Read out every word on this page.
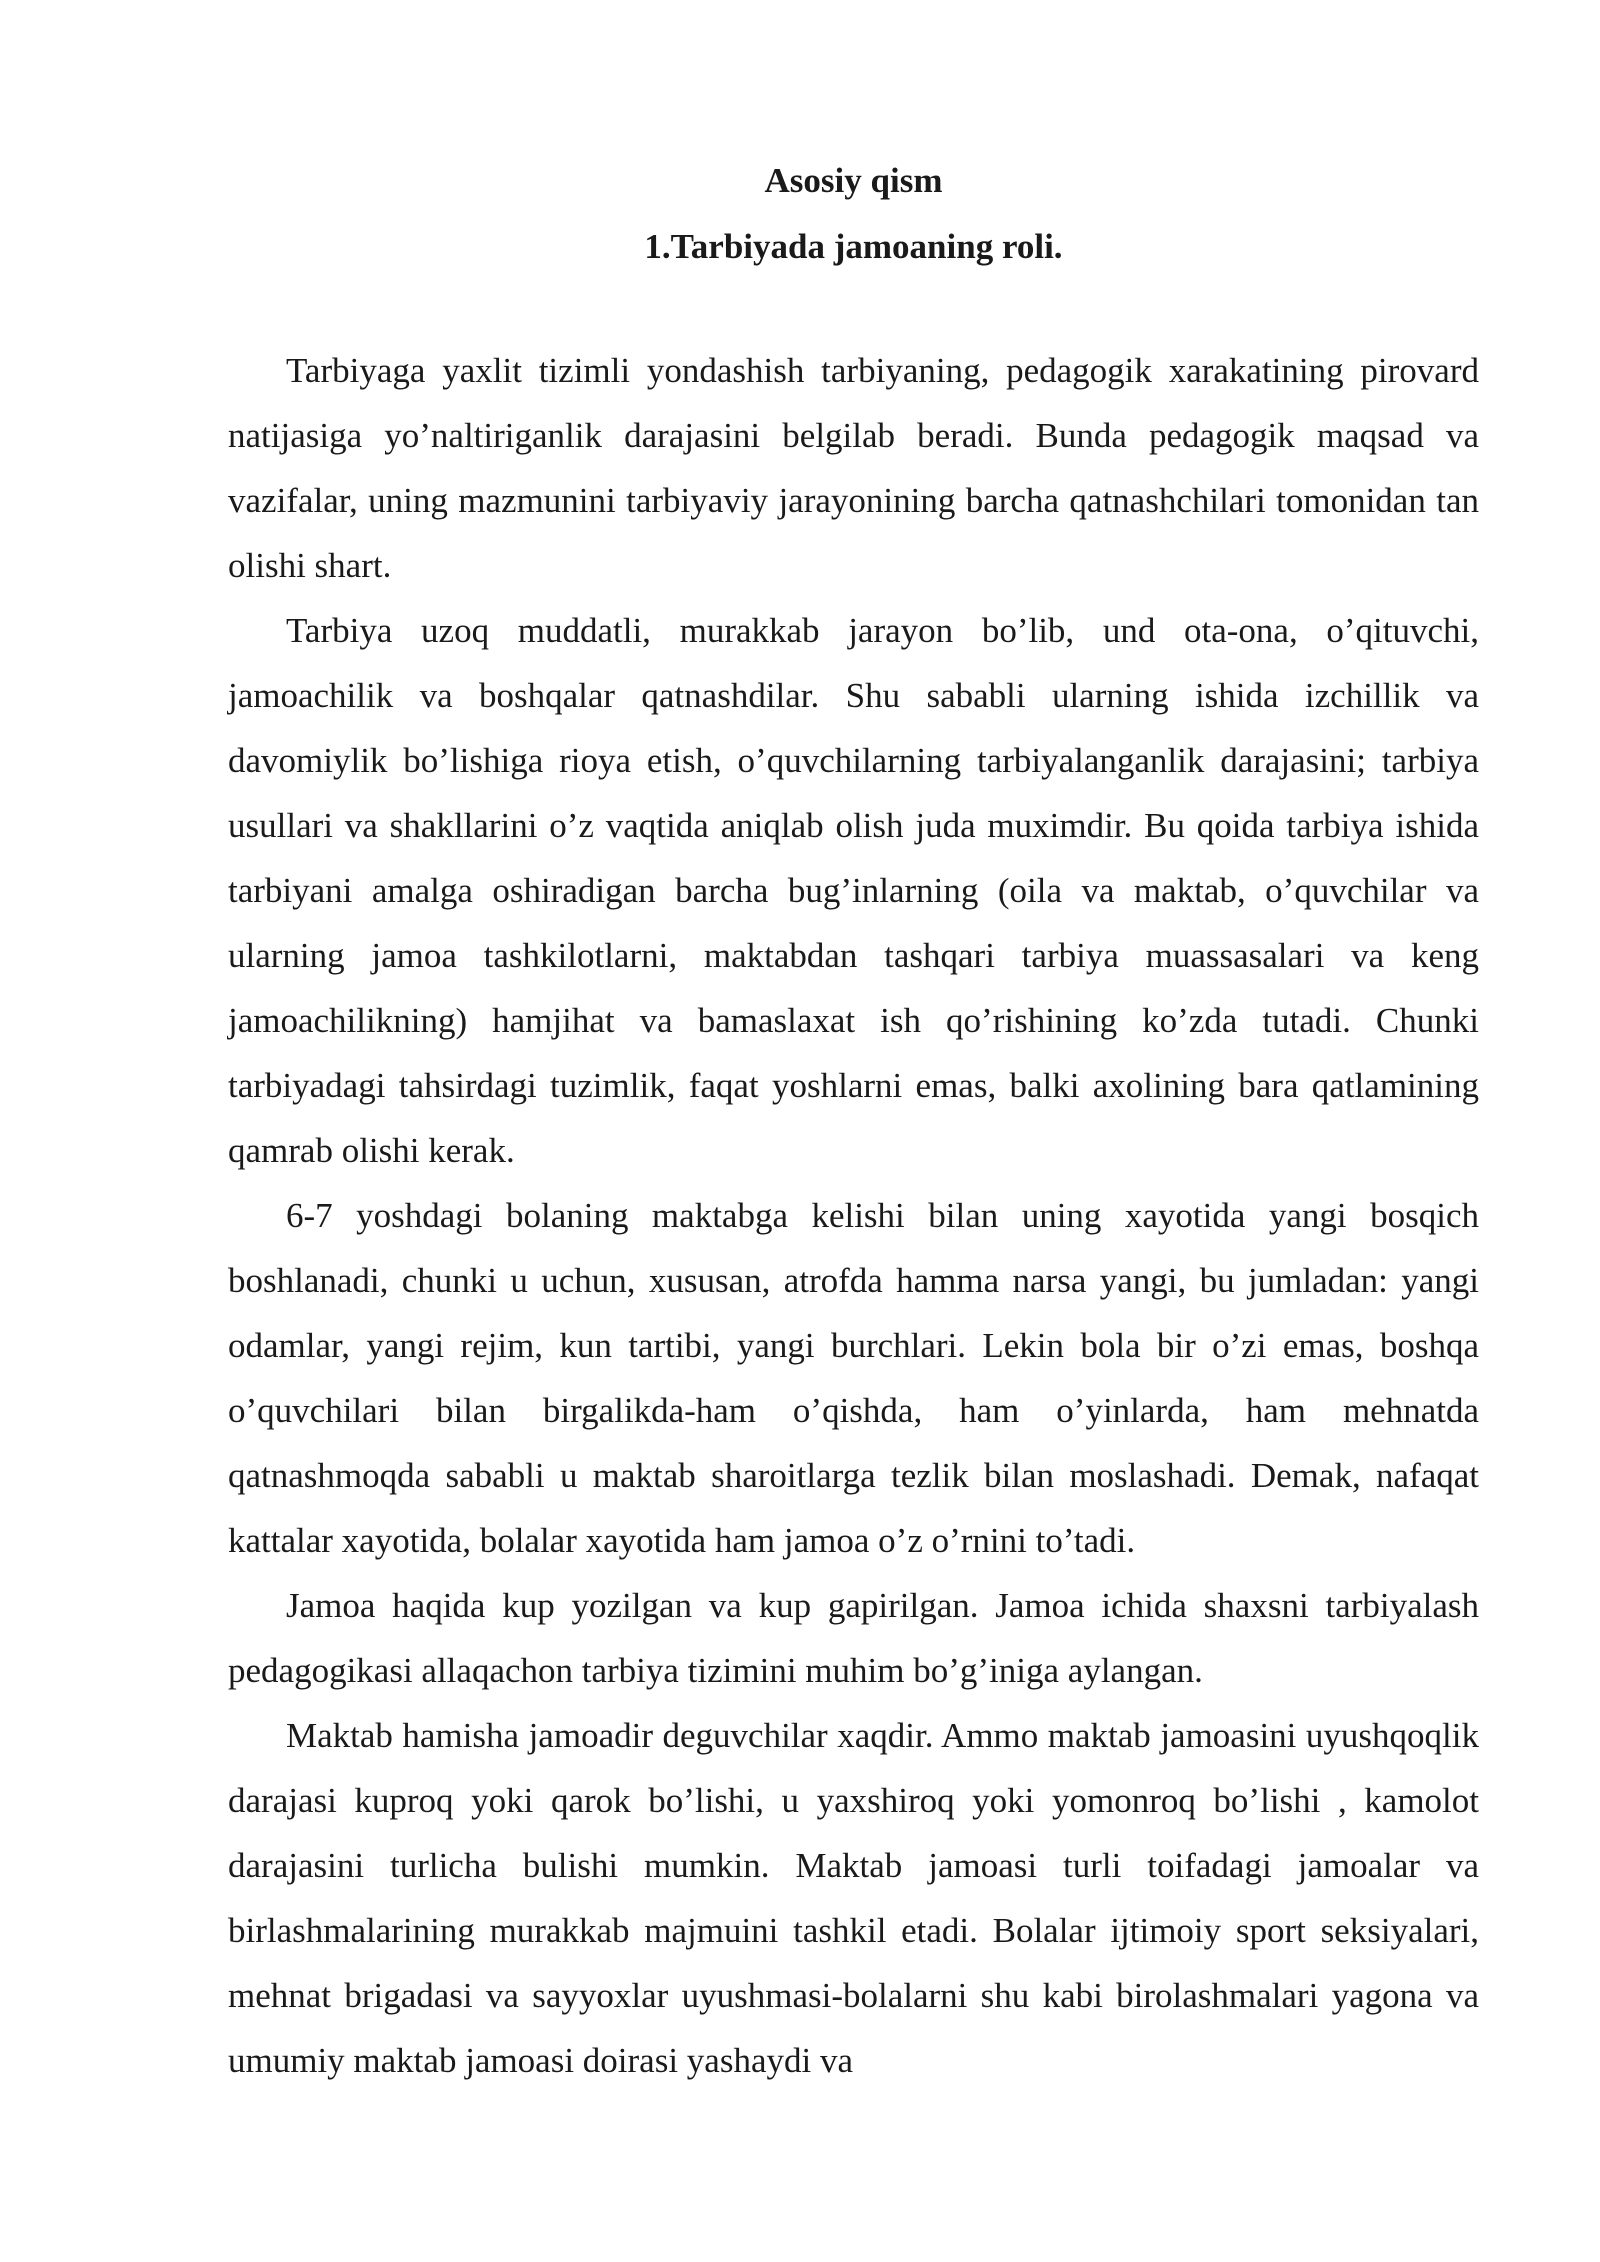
Asosiy qism
1.Tarbiyada jamoaning roli.

Tarbiyaga yaxlit tizimli yondashish tarbiyaning, pedagogik xarakatining pirovard natijasiga yo’naltiriganlik darajasini belgilab beradi. Bunda pedagogik maqsad va vazifalar, uning mazmunini tarbiyaviy jarayonining barcha qatnashchilari tomonidan tan olishi shart.

Tarbiya uzoq muddatli, murakkab jarayon bo’lib, und ota-ona, o’qituvchi, jamoachilik va boshqalar qatnashdilar. Shu sababli ularning ishida izchillik va davomiylik bo’lishiga rioya etish, o’quvchilarning tarbiyalanganlik darajasini; tarbiya usullari va shakllarini o’z vaqtida aniqlab olish juda muximdir. Bu qoida tarbiya ishida tarbiyani amalga oshiradigan barcha bug’inlarning (oila va maktab, o’quvchilar va ularning jamoa tashkilotlarni, maktabdan tashqari tarbiya muassasalari va keng jamoachilikning) hamjihat va bamaslaxat ish qo’rishining ko’zda tutadi. Chunki tarbiyadagi tahsirdagi tuzimlik, faqat yoshlarni emas, balki axolining bara qatlamining qamrab olishi kerak.

6-7 yoshdagi bolaning maktabga kelishi bilan uning xayotida yangi bosqich boshlanadi, chunki u uchun, xususan, atrofda hamma narsa yangi, bu jumladan: yangi odamlar, yangi rejim, kun tartibi, yangi burchlari. Lekin bola bir o’zi emas, boshqa o’quvchilari bilan birgalikda-ham o’qishda, ham o’yinlarda, ham mehnatda qatnashmoqda sababli u maktab sharoitlarga tezlik bilan moslashadi. Demak, nafaqat kattalar xayotida, bolalar xayotida ham jamoa o’z o’rnini to’tadi.

Jamoa haqida kup yozilgan va kup gapirilgan. Jamoa ichida shaxsni tarbiyalash pedagogikasi allaqachon tarbiya tizimini muhim bo’g’iniga aylangan.

Maktab hamisha jamoadir deguvchilar xaqdir. Ammo maktab jamoasini uyushqoqlik darajasi kuproq yoki qarok bo’lishi, u yaxshiroq yoki yomonroq bo’lishi , kamolot darajasini turlicha bulishi mumkin. Maktab jamoasi turli toifadagi jamoalar va birlashmalarining murakkab majmuini tashkil etadi. Bolalar ijtimoiy sport seksiyalari, mehnat brigadasi va sayyoxlar uyushmasi-bolalarni shu kabi birolashmalari yagona va umumiy maktab jamoasi doirasi yashaydi va
